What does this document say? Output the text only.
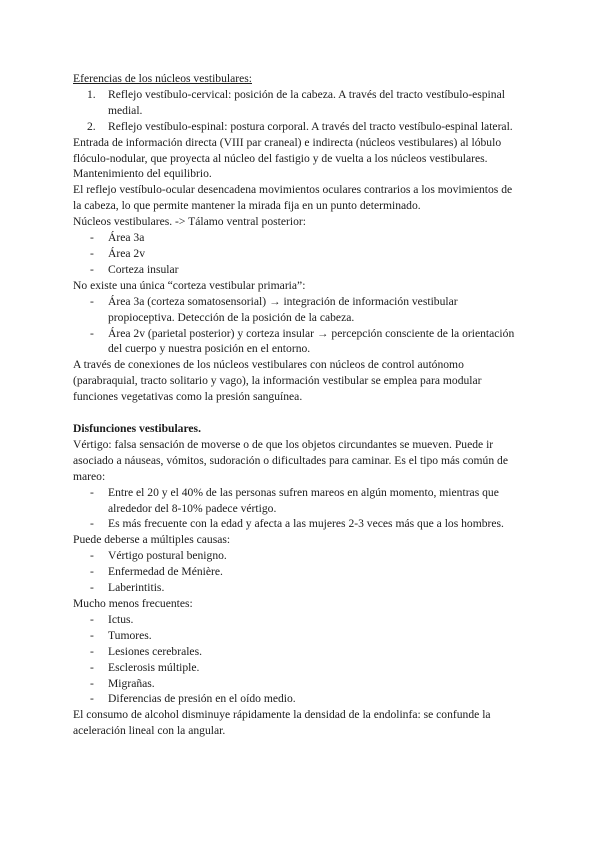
Eferencias de los núcleos vestibulares:

1. Reflejo vestíbulo-cervical: posición de la cabeza. A través del tracto vestíbulo-espinal medial.
2. Reflejo vestíbulo-espinal: postura corporal. A través del tracto vestíbulo-espinal lateral.

Entrada de información directa (VIII par craneal) e indirecta (núcleos vestibulares) al lóbulo flóculo-nodular, que proyecta al núcleo del fastigio y de vuelta a los núcleos vestibulares. Mantenimiento del equilibrio.

El reflejo vestíbulo-ocular desencadena movimientos oculares contrarios a los movimientos de la cabeza, lo que permite mantener la mirada fija en un punto determinado.

Núcleos vestibulares. -> Tálamo ventral posterior:

- Área 3a
- Área 2v
- Corteza insular

No existe una única “corteza vestibular primaria”:

- Área 3a (corteza somatosensorial) → integración de información vestibular propioceptiva. Detección de la posición de la cabeza.
- Área 2v (parietal posterior) y corteza insular → percepción consciente de la orientación del cuerpo y nuestra posición en el entorno.

A través de conexiones de los núcleos vestibulares con núcleos de control autónomo (parabraquial, tracto solitario y vago), la información vestibular se emplea para modular funciones vegetativas como la presión sanguínea.

Disfunciones vestibulares.

Vértigo: falsa sensación de moverse o de que los objetos circundantes se mueven. Puede ir asociado a náuseas, vómitos, sudoración o dificultades para caminar. Es el tipo más común de mareo:

- Entre el 20 y el 40% de las personas sufren mareos en algún momento, mientras que alrededor del 8-10% padece vértigo.
- Es más frecuente con la edad y afecta a las mujeres 2-3 veces más que a los hombres.

Puede deberse a múltiples causas:

- Vértigo postural benigno.
- Enfermedad de Ménière.
- Laberintitis.

Mucho menos frecuentes:

- Ictus.
- Tumores.
- Lesiones cerebrales.
- Esclerosis múltiple.
- Migrañas.
- Diferencias de presión en el oído medio.

El consumo de alcohol disminuye rápidamente la densidad de la endolinfa: se confunde la aceleración lineal con la angular.
